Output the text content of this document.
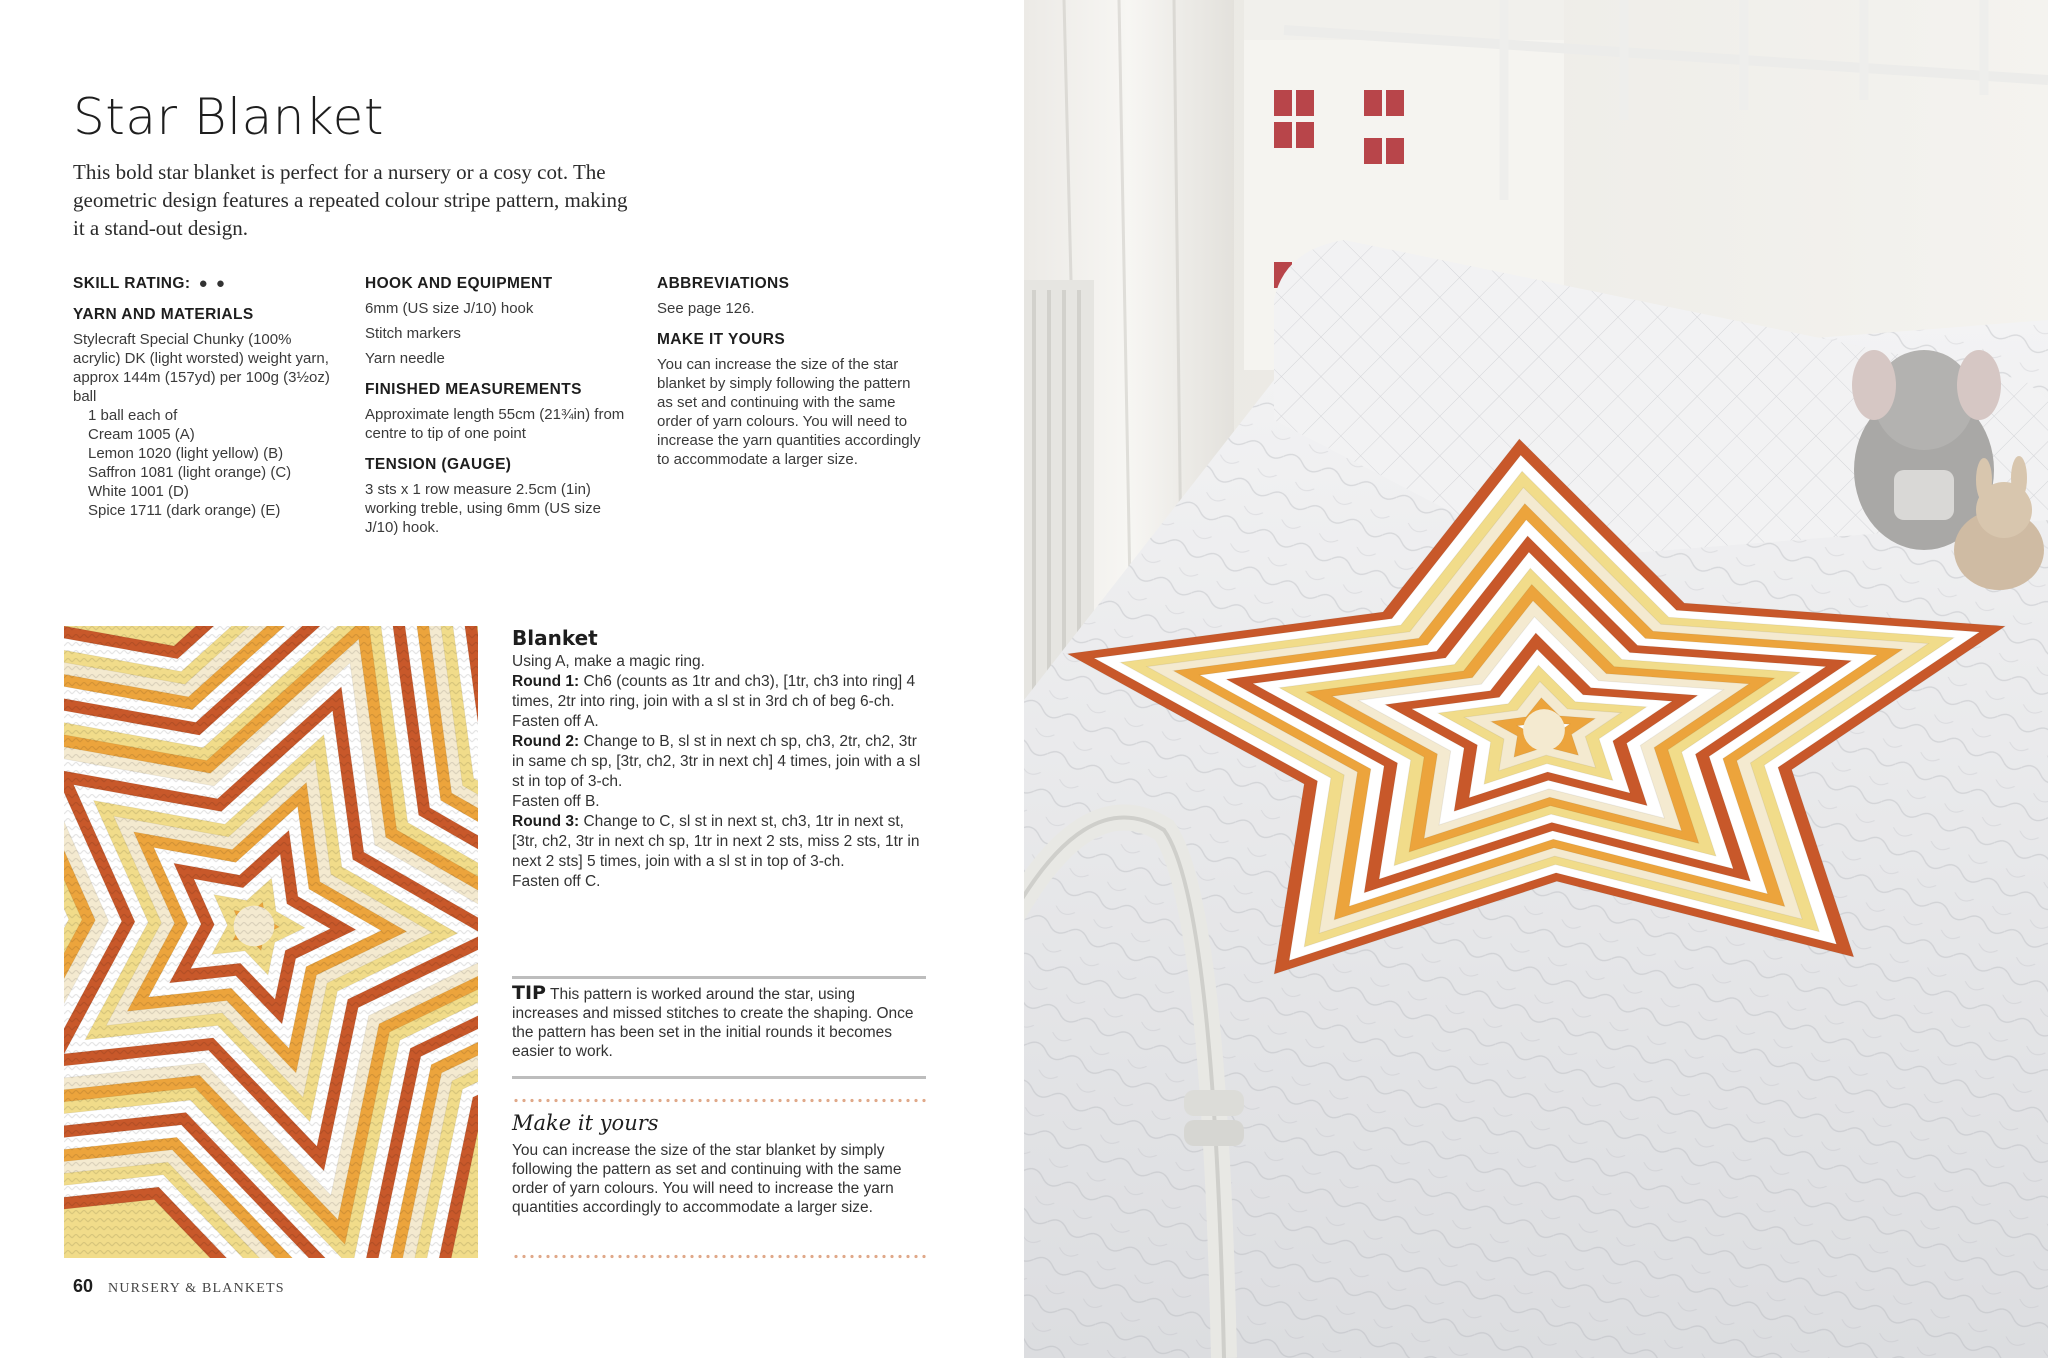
Star Blanket

This bold star blanket is perfect for a nursery or a cosy cot. The geometric design features a repeated colour stripe pattern, making it a stand-out design.

SKILL RATING: ● ●
YARN AND MATERIALS
Stylecraft Special Chunky (100% acrylic) DK (light worsted) weight yarn, approx 144m (157yd) per 100g (3½oz) ball
1 ball each of
Cream 1005 (A)
Lemon 1020 (light yellow) (B)
Saffron 1081 (light orange) (C)
White 1001 (D)
Spice 1711 (dark orange) (E)
HOOK AND EQUIPMENT
6mm (US size J/10) hook
Stitch markers
Yarn needle
FINISHED MEASUREMENTS
Approximate length 55cm (21¾in) from centre to tip of one point
TENSION (GAUGE)
3 sts x 1 row measure 2.5cm (1in) working treble, using 6mm (US size J/10) hook.
ABBREVIATIONS
See page 126.
MAKE IT YOURS
You can increase the size of the star blanket by simply following the pattern as set and continuing with the same order of yarn colours. You will need to increase the yarn quantities accordingly to accommodate a larger size.
Blanket
Using A, make a magic ring.
Round 1: Ch6 (counts as 1tr and ch3), [1tr, ch3 into ring] 4 times, 2tr into ring, join with a sl st in 3rd ch of beg 6-ch.
Fasten off A.
Round 2: Change to B, sl st in next ch sp, ch3, 2tr, ch2, 3tr in same ch sp, [3tr, ch2, 3tr in next ch] 4 times, join with a sl st in top of 3-ch.
Fasten off B.
Round 3: Change to C, sl st in next st, ch3, 1tr in next st, [3tr, ch2, 3tr in next ch sp, 1tr in next 2 sts, miss 2 sts, 1tr in next 2 sts] 5 times, join with a sl st in top of 3-ch.
Fasten off C.
TIP This pattern is worked around the star, using increases and missed stitches to create the shaping. Once the pattern has been set in the initial rounds it becomes easier to work.
Make it yours
You can increase the size of the star blanket by simply following the pattern as set and continuing with the same order of yarn colours. You will need to increase the yarn quantities accordingly to accommodate a larger size.
60 NURSERY & BLANKETS
